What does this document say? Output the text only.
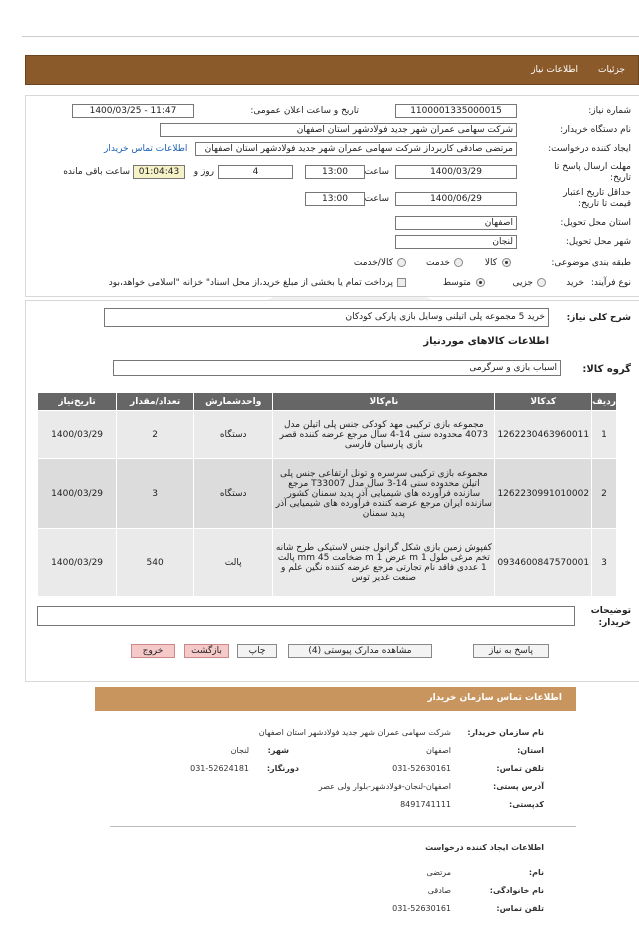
جزئیات
اطلاعات نیاز
شماره نیاز:
1100001335000015
تاریخ و ساعت اعلان عمومی:
1400/03/25 - 11:47
نام دستگاه خریدار:
شرکت سهامی عمران شهر جدید فولادشهر استان اصفهان
ایجاد کننده درخواست:
مرتضی صادقی کاربرداز شرکت سهامی عمران شهر جدید فولادشهر استان اصفهان
اطلاعات تماس خریدار
مهلت ارسال پاسخ تا تاریخ:
1400/03/29
ساعت
13:00
4
روز و
01:04:43
ساعت باقی مانده
حداقل تاریخ اعتبار قیمت تا تاریخ:
1400/06/29
ساعت
13:00
استان محل تحویل:
اصفهان
شهر محل تحویل:
لنجان
طبقه بندی موضوعی:
کالا
خدمت
کالا/خدمت
نوع فرآیند:
خرید
جزیی
متوسط
پرداخت تمام یا بخشی از مبلغ خرید،از محل اسناد" خزانه "اسلامی خواهد،بود
شرح کلی نیاز:
خرید 5 مجموعه پلی اتیلنی وسایل بازی پارکی کودکان
اطلاعات کالاهای موردنیاز
گروه کالا:
اسباب بازی و سرگرمی
تاریخ‌نیاز	تعداد/مقدار	واحدشمارش	نام‌کالا	کدکالا	ردیف
1400/03/29	2	دستگاه	مجموعه بازی ترکیبی مهد کودکی جنس پلی اتیلن مدل 4073 محدوده سنی 14-4 سال مرجع عرضه کننده قصر بازی پارسیان فارسی	1262230463960011	1
1400/03/29	3	دستگاه	مجموعه بازی ترکیبی سرسره و تونل ارتفاعی جنس پلی اتیلن محدوده سنی 14-3 سال مدل T33007 مرجع سازنده فرآورده های شیمیایی آذر پدید سمنان کشور سازنده ایران مرجع عرضه کننده فرآورده های شیمیایی آذر پدید سمنان	1262230991010002	2
1400/03/29	540	پالت	کفپوش زمین بازی شکل گرانول جنس لاستیکی طرح شانه تخم مرغی طول 1 m عرض 1 m ضخامت 45 mm پالت 1 عددی فاقد نام تجارتی مرجع عرضه کننده نگین علم و صنعت غدیر توس	0934600847570001	3
توضیحات خریدار:
پاسخ به نیاز
مشاهده مدارک پیوستی (4)
چاپ
بازگشت
خروج
اطلاعات تماس سازمان خریدار
نام سازمان خریدار:
شرکت سهامی عمران شهر جدید فولادشهر استان اصفهان
استان:
اصفهان
شهر:
لنجان
تلفن تماس:
031-52630161
دورنگار:
031-52624181
آدرس پستی:
اصفهان-لنجان-فولادشهر-بلوار ولی عصر
کدپستی:
8491741111
اطلاعات ایجاد کننده درخواست
نام:
مرتضی
نام خانوادگی:
صادقی
تلفن تماس:
031-52630161
